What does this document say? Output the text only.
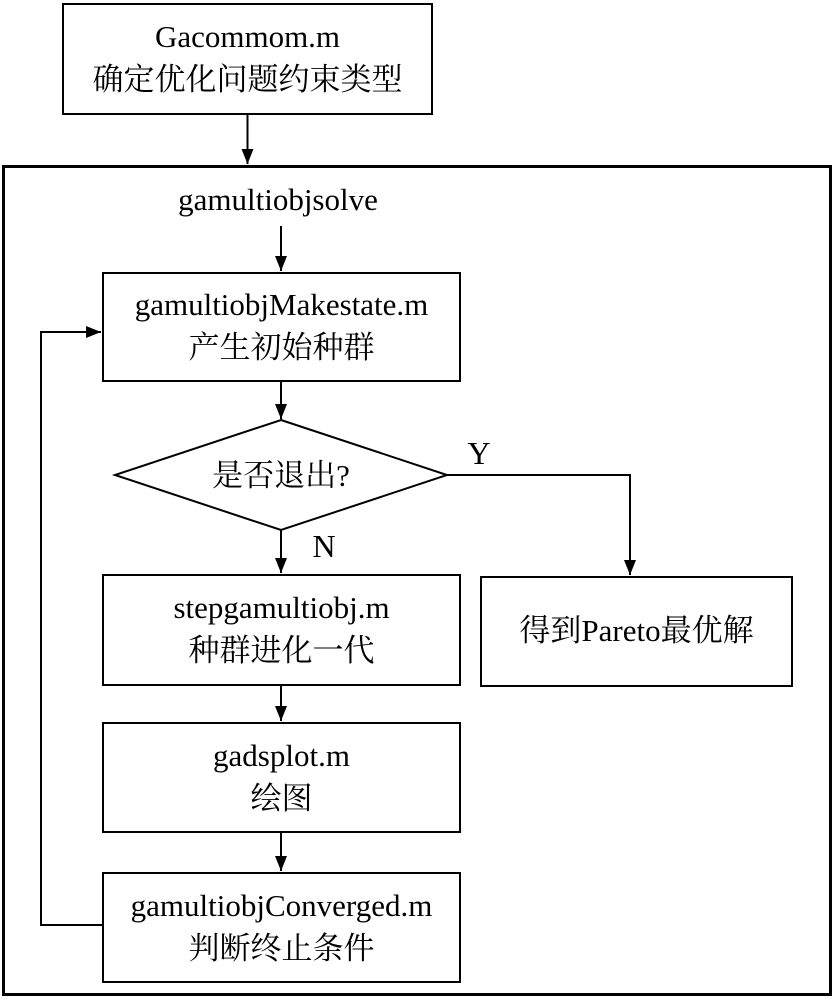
Gacommom.m
确定优化问题约束类型
gamultiobjsolve
gamultiobjMakestate.m
产生初始种群
是否退出?
Y
N
stepgamultiobj.m
种群进化一代
得到Pareto最优解
gadsplot.m
绘图
gamultiobjConverged.m
判断终止条件
